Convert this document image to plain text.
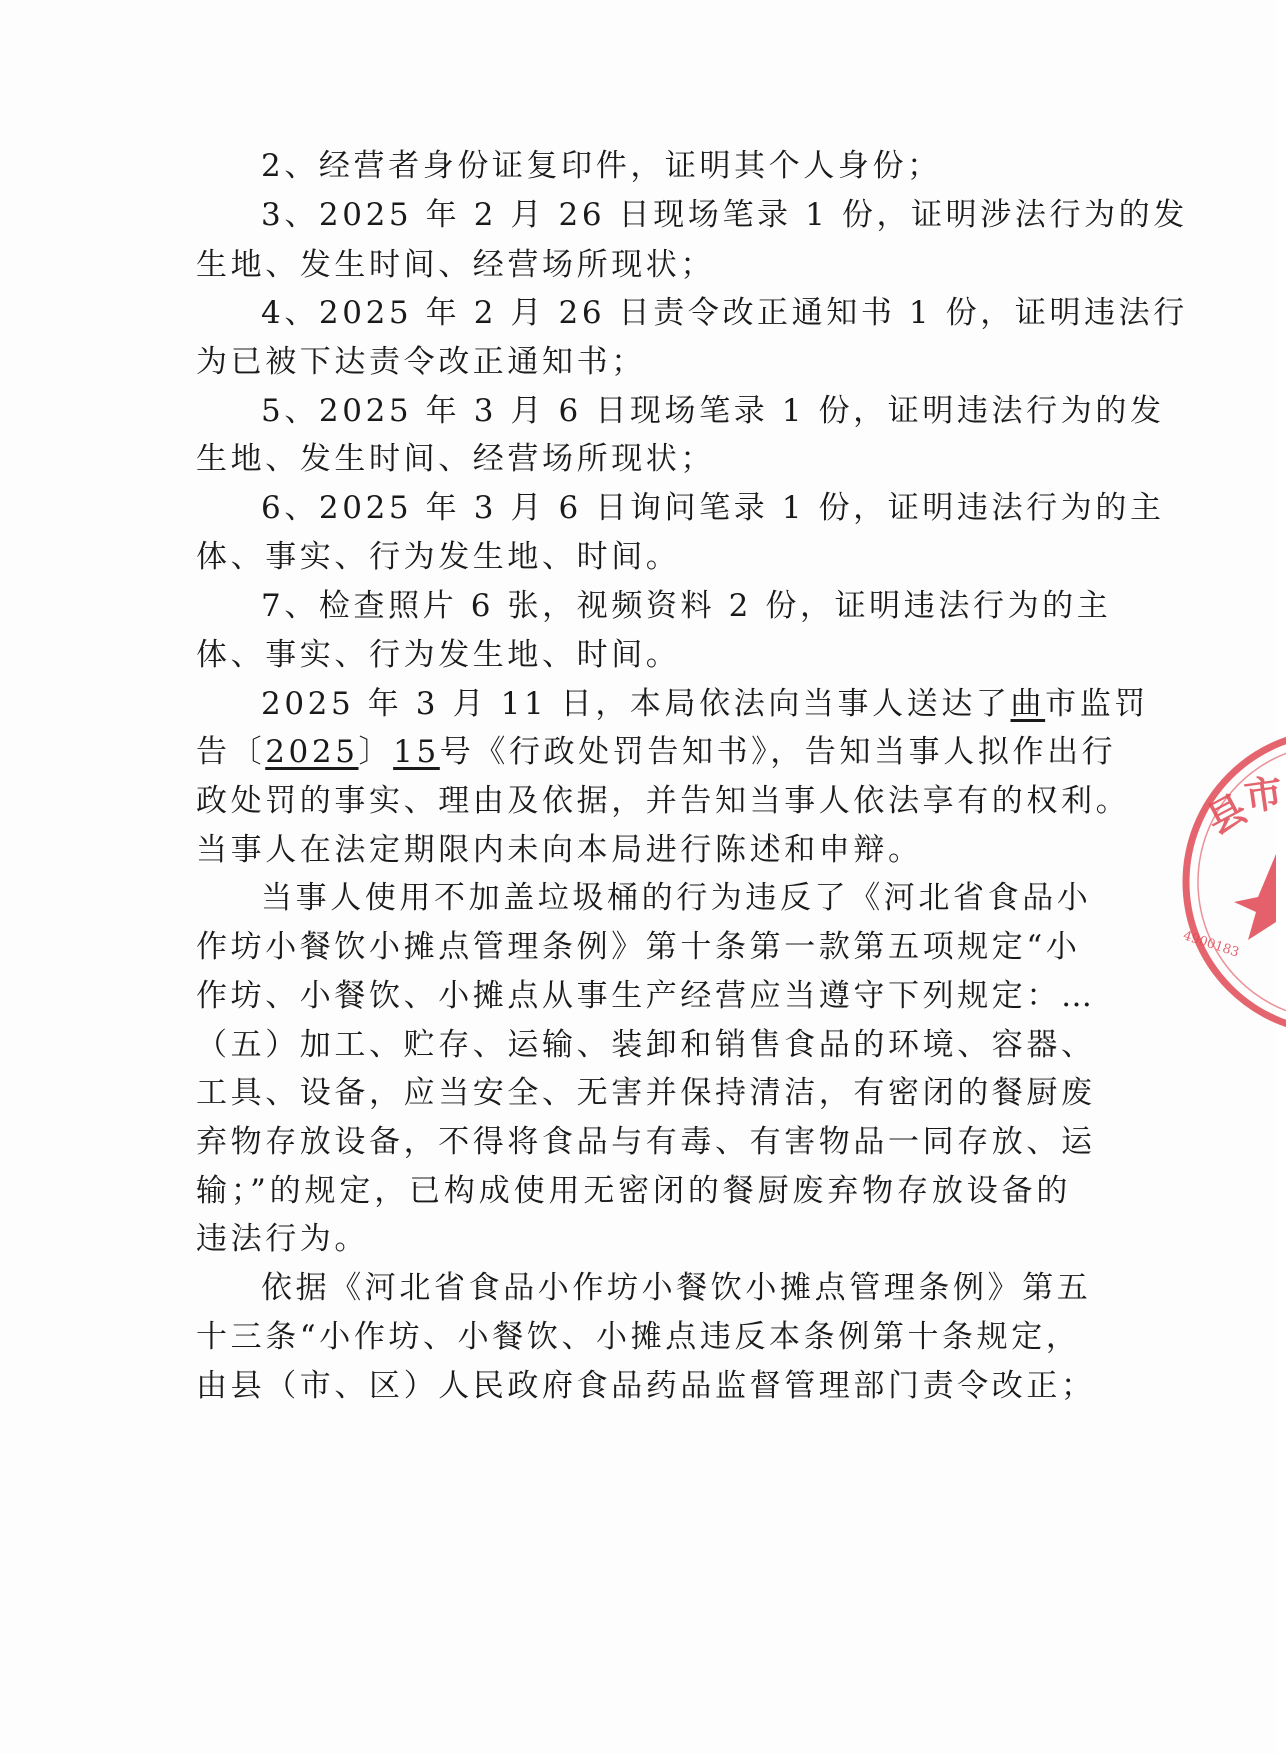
2、经营者身份证复印件，证明其个人身份；
3、2025 年 2 月 26 日现场笔录 1 份，证明涉法行为的发
生地、发生时间、经营场所现状；
4、2025 年 2 月 26 日责令改正通知书 1 份，证明违法行
为已被下达责令改正通知书；
5、2025 年 3 月 6 日现场笔录 1 份，证明违法行为的发
生地、发生时间、经营场所现状；
6、2025 年 3 月 6 日询问笔录 1 份，证明违法行为的主
体、事实、行为发生地、时间。
7、检查照片 6 张，视频资料 2 份，证明违法行为的主
体、事实、行为发生地、时间。
2025 年 3 月 11 日，本局依法向当事人送达了曲市监罚
告〔2025〕15号《行政处罚告知书》，告知当事人拟作出行
政处罚的事实、理由及依据，并告知当事人依法享有的权利。
当事人在法定期限内未向本局进行陈述和申辩。
当事人使用不加盖垃圾桶的行为违反了《河北省食品小
作坊小餐饮小摊点管理条例》第十条第一款第五项规定“小
作坊、小餐饮、小摊点从事生产经营应当遵守下列规定：…
（五）加工、贮存、运输、装卸和销售食品的环境、容器、
工具、设备，应当安全、无害并保持清洁，有密闭的餐厨废
弃物存放设备，不得将食品与有毒、有害物品一同存放、运
输；”的规定，已构成使用无密闭的餐厨废弃物存放设备的
违法行为。
依据《河北省食品小作坊小餐饮小摊点管理条例》第五
十三条“小作坊、小餐饮、小摊点违反本条例第十条规定，
由县（市、区）人民政府食品药品监督管理部门责令改正；
县
市
4900183
